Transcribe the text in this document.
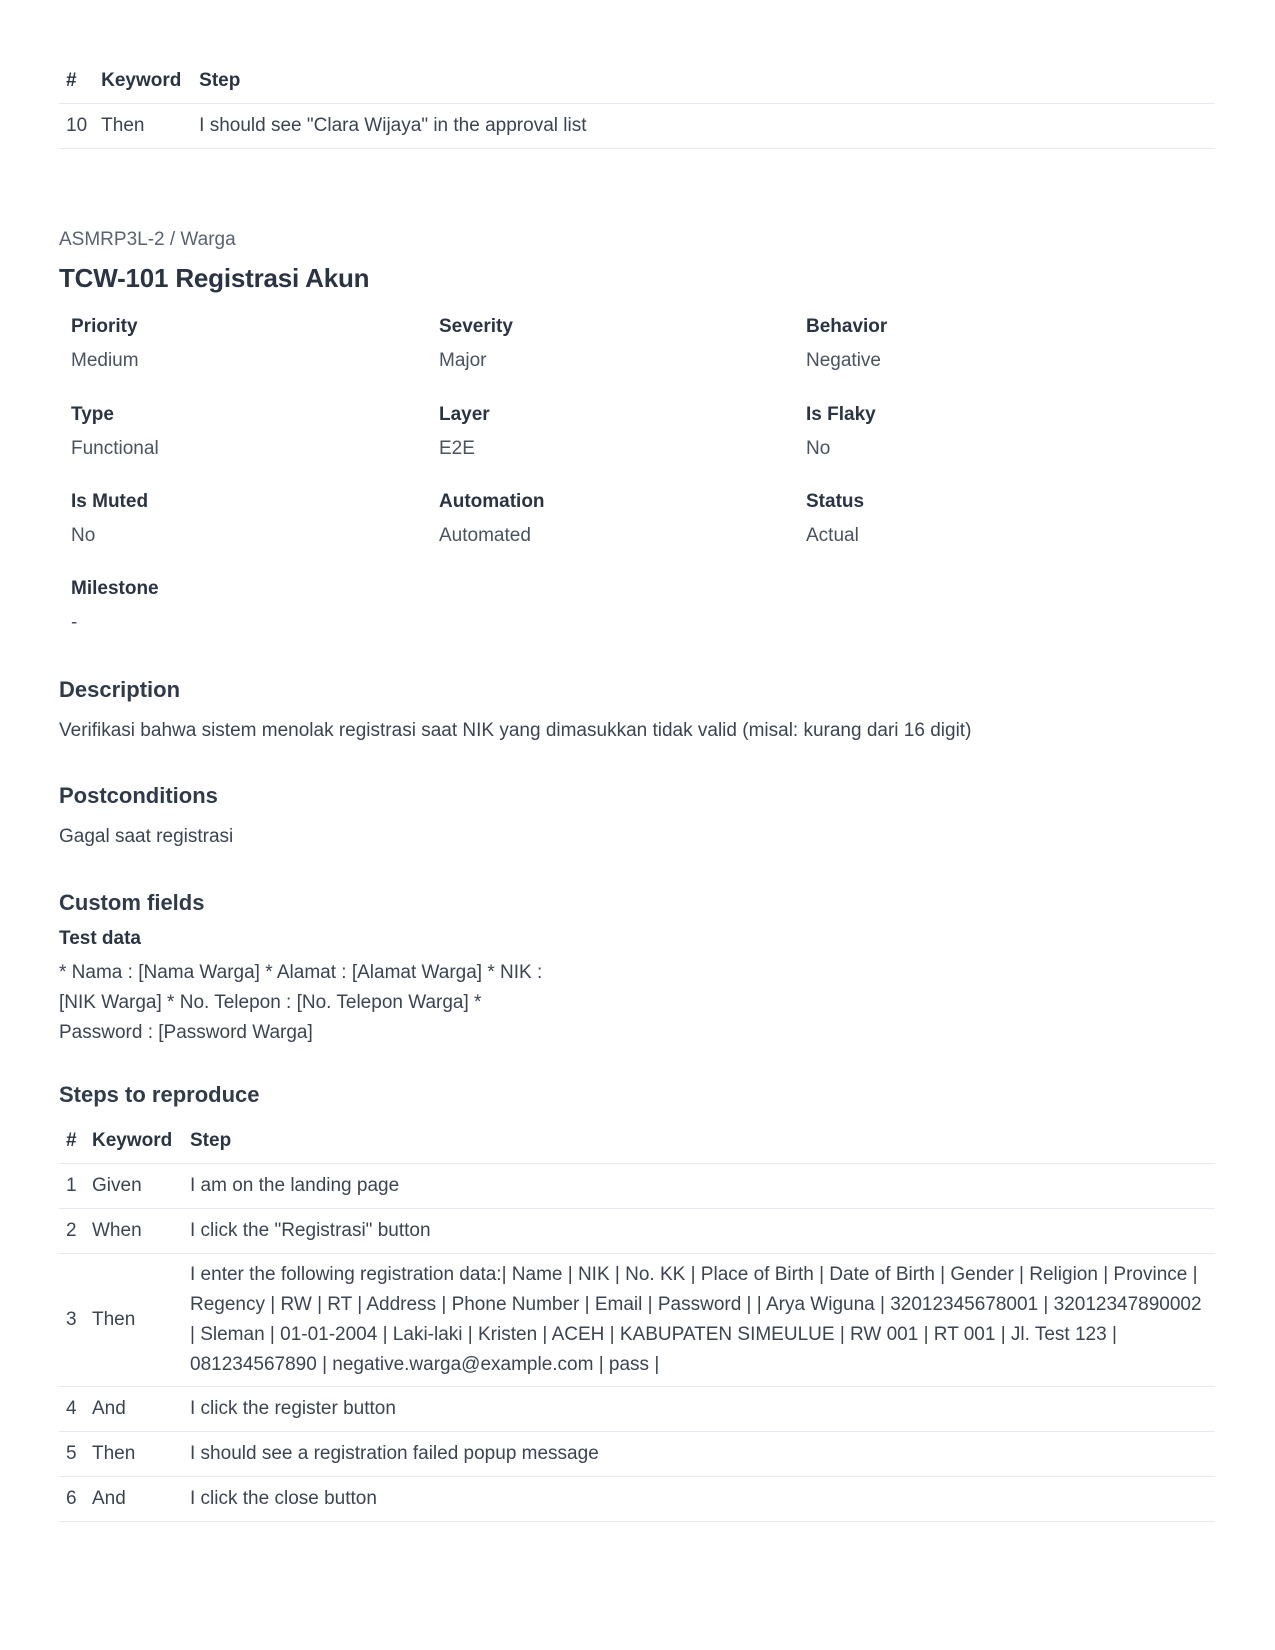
#	Keyword	Step
10	Then	I should see "Clara Wijaya" in the approval list
ASMRP3L-2 / Warga
TCW-101 Registrasi Akun
Priority
Medium
Severity
Major
Behavior
Negative
Type
Functional
Layer
E2E
Is Flaky
No
Is Muted
No
Automation
Automated
Status
Actual
Milestone
-
Description
Verifikasi bahwa sistem menolak registrasi saat NIK yang dimasukkan tidak valid (misal: kurang dari 16 digit)
Postconditions
Gagal saat registrasi
Custom fields
Test data
* Nama : [Nama Warga] * Alamat : [Alamat Warga] * NIK :
[NIK Warga] * No. Telepon : [No. Telepon Warga] *
Password : [Password Warga]
Steps to reproduce
#	Keyword	Step
1	Given	I am on the landing page
2	When	I click the "Registrasi" button
3	Then	I enter the following registration data:| Name | NIK | No. KK | Place of Birth | Date of Birth | Gender | Religion | Province | Regency | RW | RT | Address | Phone Number | Email | Password | | Arya Wiguna | 32012345678001 | 32012347890002 | Sleman | 01-01-2004 | Laki-laki | Kristen | ACEH | KABUPATEN SIMEULUE | RW 001 | RT 001 | Jl. Test 123 | 081234567890 | negative.warga@example.com | pass |
4	And	I click the register button
5	Then	I should see a registration failed popup message
6	And	I click the close button
